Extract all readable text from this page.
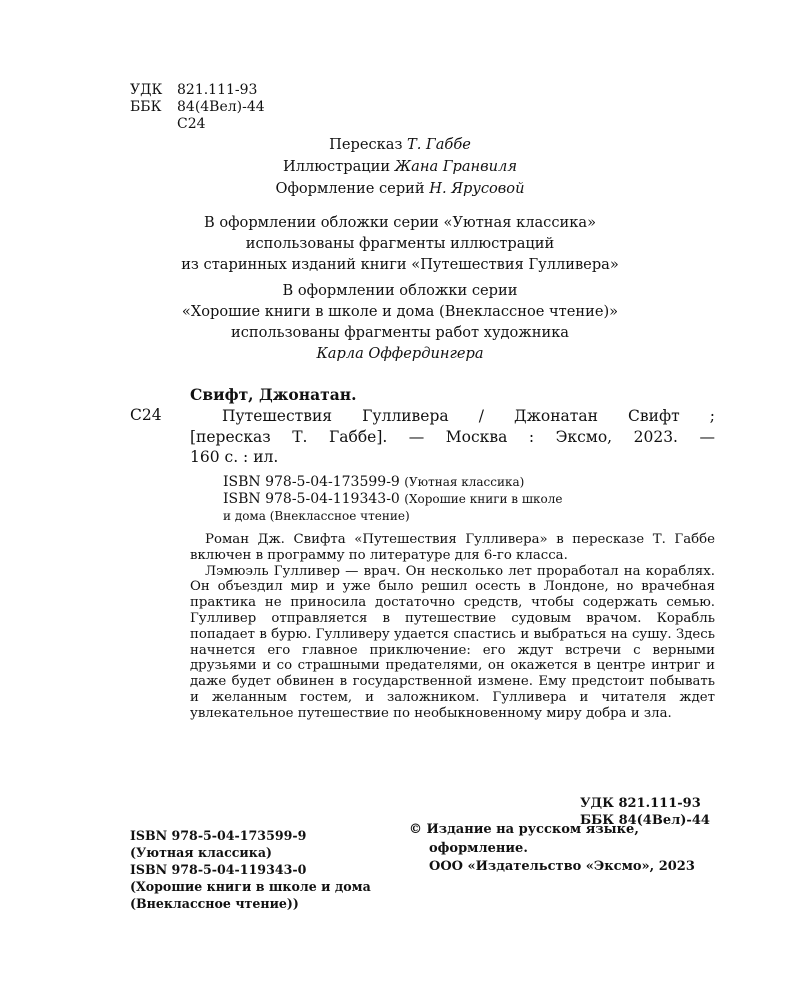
УДК	821.111-93
ББК	84(4Вел)-44
С24
Пересказ Т. Габбе
Иллюстрации Жана Гранвиля
Оформление серий Н. Ярусовой
В оформлении обложки серии «Уютная классика»
использованы фрагменты иллюстраций
из старинных изданий книги «Путешествия Гулливера»
В оформлении обложки серии
«Хорошие книги в школе и дома (Внеклассное чтение)»
использованы фрагменты работ художника
Карла Оффердингера
Свифт, Джонатан.
С24	Путешествия Гулливера / Джонатан Свифт ;
[пересказ Т. Габбе]. — Москва : Эксмо, 2023. —
160 с. : ил.
ISBN 978-5-04-173599-9 (Уютная классика)
ISBN 978-5-04-119343-0 (Хорошие книги в школе
и дома (Внеклассное чтение)

Роман Дж. Свифта «Путешествия Гулливера» в пересказе Т. Габбе включен в программу по литературе для 6-го класса.

Лэмюэль Гулливер — врач. Он несколько лет проработал на кораблях. Он объездил мир и уже было решил осесть в Лондоне, но врачебная практика не приносила достаточно средств, чтобы содержать семью. Гулливер отправляется в путешествие судовым врачом. Корабль попадает в бурю. Гулливеру удается спастись и выбраться на сушу. Здесь начнется его главное приключение: его ждут встречи с верными друзьями и со страшными предателями, он окажется в центре интриг и даже будет обвинен в государственной измене. Ему предстоит побывать и желанным гостем, и заложником. Гулливера и читателя ждет увлекательное путешествие по необыкновенному миру добра и зла.

УДК 821.111-93
ББК 84(4Вел)-44
ISBN 978-5-04-173599-9
(Уютная классика)
ISBN 978-5-04-119343-0
(Хорошие книги в школе и дома
(Внеклассное чтение))
© Издание на русском языке,
оформление.
ООО «Издательство «Эксмо», 2023
